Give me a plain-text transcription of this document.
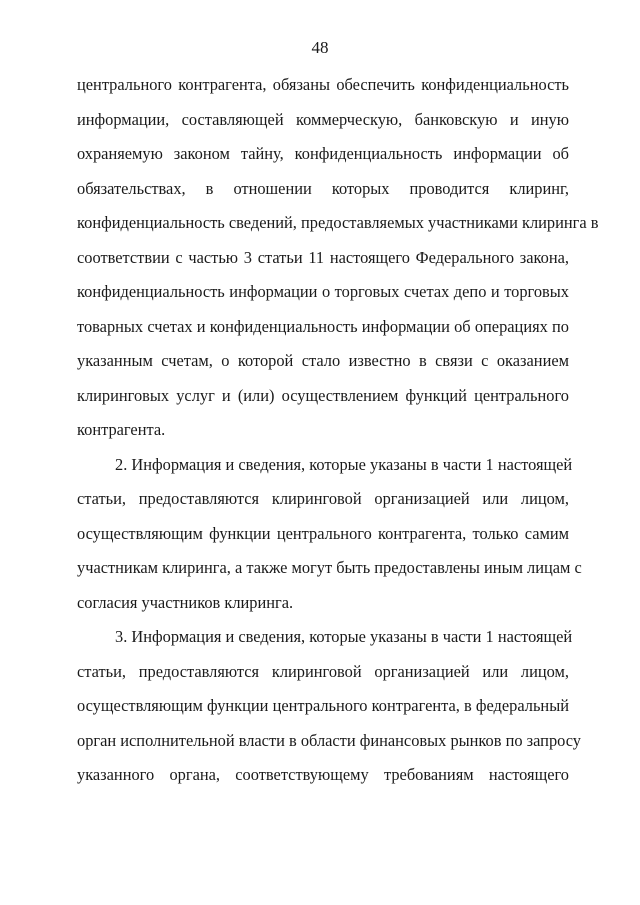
48
центрального контрагента, обязаны обеспечить конфиденциальность
информации, составляющей коммерческую, банковскую и иную
охраняемую законом тайну, конфиденциальность информации об
обязательствах, в отношении которых проводится клиринг,
конфиденциальность сведений, предоставляемых участниками клиринга в
соответствии с частью 3 статьи 11 настоящего Федерального закона,
конфиденциальность информации о торговых счетах депо и торговых
товарных счетах и конфиденциальность информации об операциях по
указанным счетам, о которой стало известно в связи с оказанием
клиринговых услуг и (или) осуществлением функций центрального
контрагента.
2. Информация и сведения, которые указаны в части 1 настоящей
статьи, предоставляются клиринговой организацией или лицом,
осуществляющим функции центрального контрагента, только самим
участникам клиринга, а также могут быть предоставлены иным лицам с
согласия участников клиринга.
3. Информация и сведения, которые указаны в части 1 настоящей
статьи, предоставляются клиринговой организацией или лицом,
осуществляющим функции центрального контрагента, в федеральный
орган исполнительной власти в области финансовых рынков по запросу
указанного органа, соответствующему требованиям настоящего
